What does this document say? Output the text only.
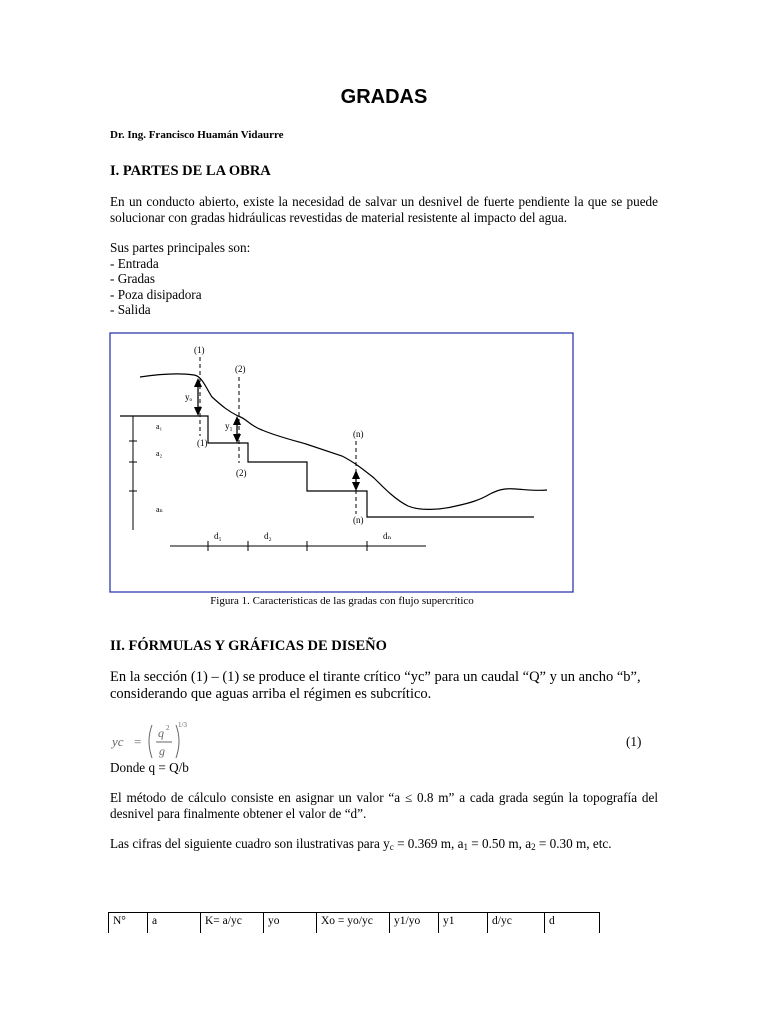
GRADAS
Dr. Ing. Francisco Huamán Vidaurre
I. PARTES DE LA OBRA
En un conducto abierto, existe la necesidad de salvar un desnivel de fuerte pendiente la que se puede solucionar con gradas hidráulicas revestidas de material resistente al impacto del agua.
Sus partes principales son:
- Entrada
- Gradas
- Poza disipadora
- Salida
(1)
(2)
(n)
(1)
(2)
(n)
yₒ
y₁
a₁
a₂
aₙ
d₁	d₂	dₙ
Figura 1. Características de las gradas con flujo supercrítico
II. FÓRMULAS Y GRÁFICAS DE DISEÑO
En la sección (1) – (1) se produce el tirante crítico “yc” para un caudal “Q” y un ancho “b”, considerando que aguas arriba el régimen es subcrítico.
yc =
q 2
g
1/3
(1)
Donde q = Q/b
El método de cálculo consiste en asignar un valor “a ≤ 0.8 m” a cada grada según la topografía del desnivel para finalmente obtener el valor de “d”.
Las cifras del siguiente cuadro son ilustrativas para $y_c = 0.369$ m, $a_1 = 0.50$ m, $a_2 = 0.30$ m, etc.
N°	a	K= a/yc	yo	Xo = yo/yc	y1/yo	y1	d/yc	d
